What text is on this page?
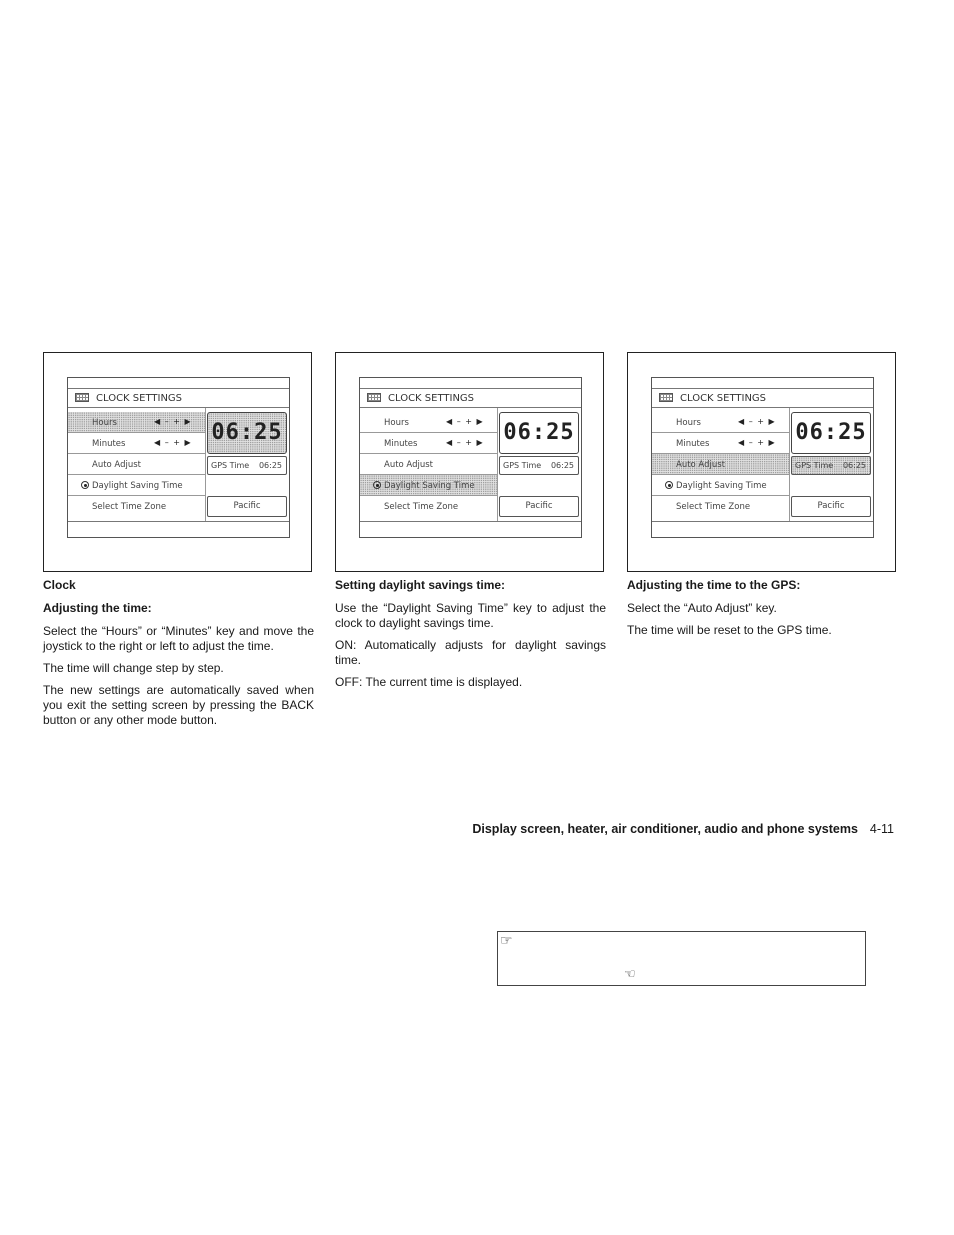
CLOCK SETTINGS
Hours	◀ – + ▶
Minutes	◀ – + ▶
Auto Adjust
Daylight Saving Time
Select Time Zone
06:25
GPS Time 06:25
Pacific
CLOCK SETTINGS
Hours	◀ – + ▶
Minutes	◀ – + ▶
Auto Adjust
Daylight Saving Time
Select Time Zone
06:25
GPS Time 06:25
Pacific
CLOCK SETTINGS
Hours	◀ – + ▶
Minutes	◀ – + ▶
Auto Adjust
Daylight Saving Time
Select Time Zone
06:25
GPS Time 06:25
Pacific

Clock

Adjusting the time:

Select the “Hours” or “Minutes” key and move the joystick to the right or left to adjust the time.

The time will change step by step.

The new settings are automatically saved when you exit the setting screen by pressing the BACK button or any other mode button.

Setting daylight savings time:

Use the “Daylight Saving Time” key to adjust the clock to daylight savings time.

ON: Automatically adjusts for daylight savings time.

OFF: The current time is displayed.

Adjusting the time to the GPS:

Select the “Auto Adjust” key.

The time will be reset to the GPS time.

Display screen, heater, air conditioner, audio and phone systems 4-11
☞
☜
